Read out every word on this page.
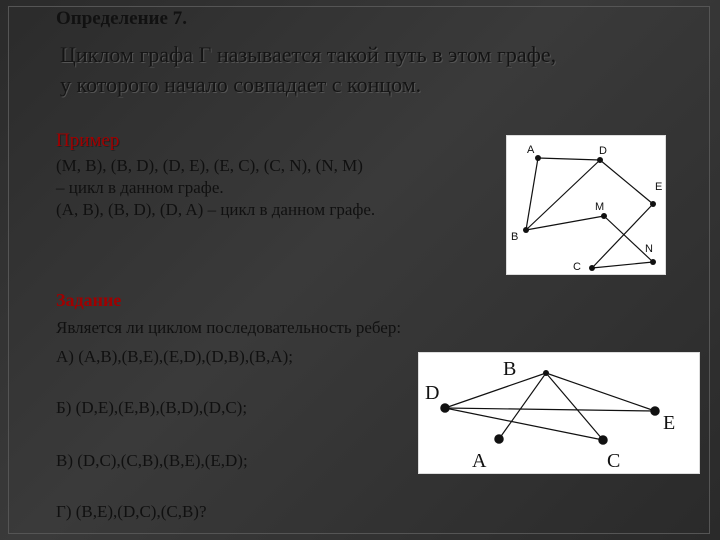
Определение 7.
Циклом графа Г называется такой путь в этом графе,
у которого начало совпадает с концом.
Пример
(M, B), (B, D), (D, E), (E, C), (C, N), (N, M)
– цикл в данном графе.
(A, B), (B, D), (D, A) – цикл в данном графе.
A	D
E
M
B
N
C
Задание
Является ли циклом последовательность ребер:
А) (A,B),(B,E),(E,D),(D,B),(B,A);
Б) (D,E),(E,B),(B,D),(D,C);
В) (D,C),(C,B),(B,E),(E,D);
Г) (B,E),(D,C),(C,B)?
B
D
E
A	C
